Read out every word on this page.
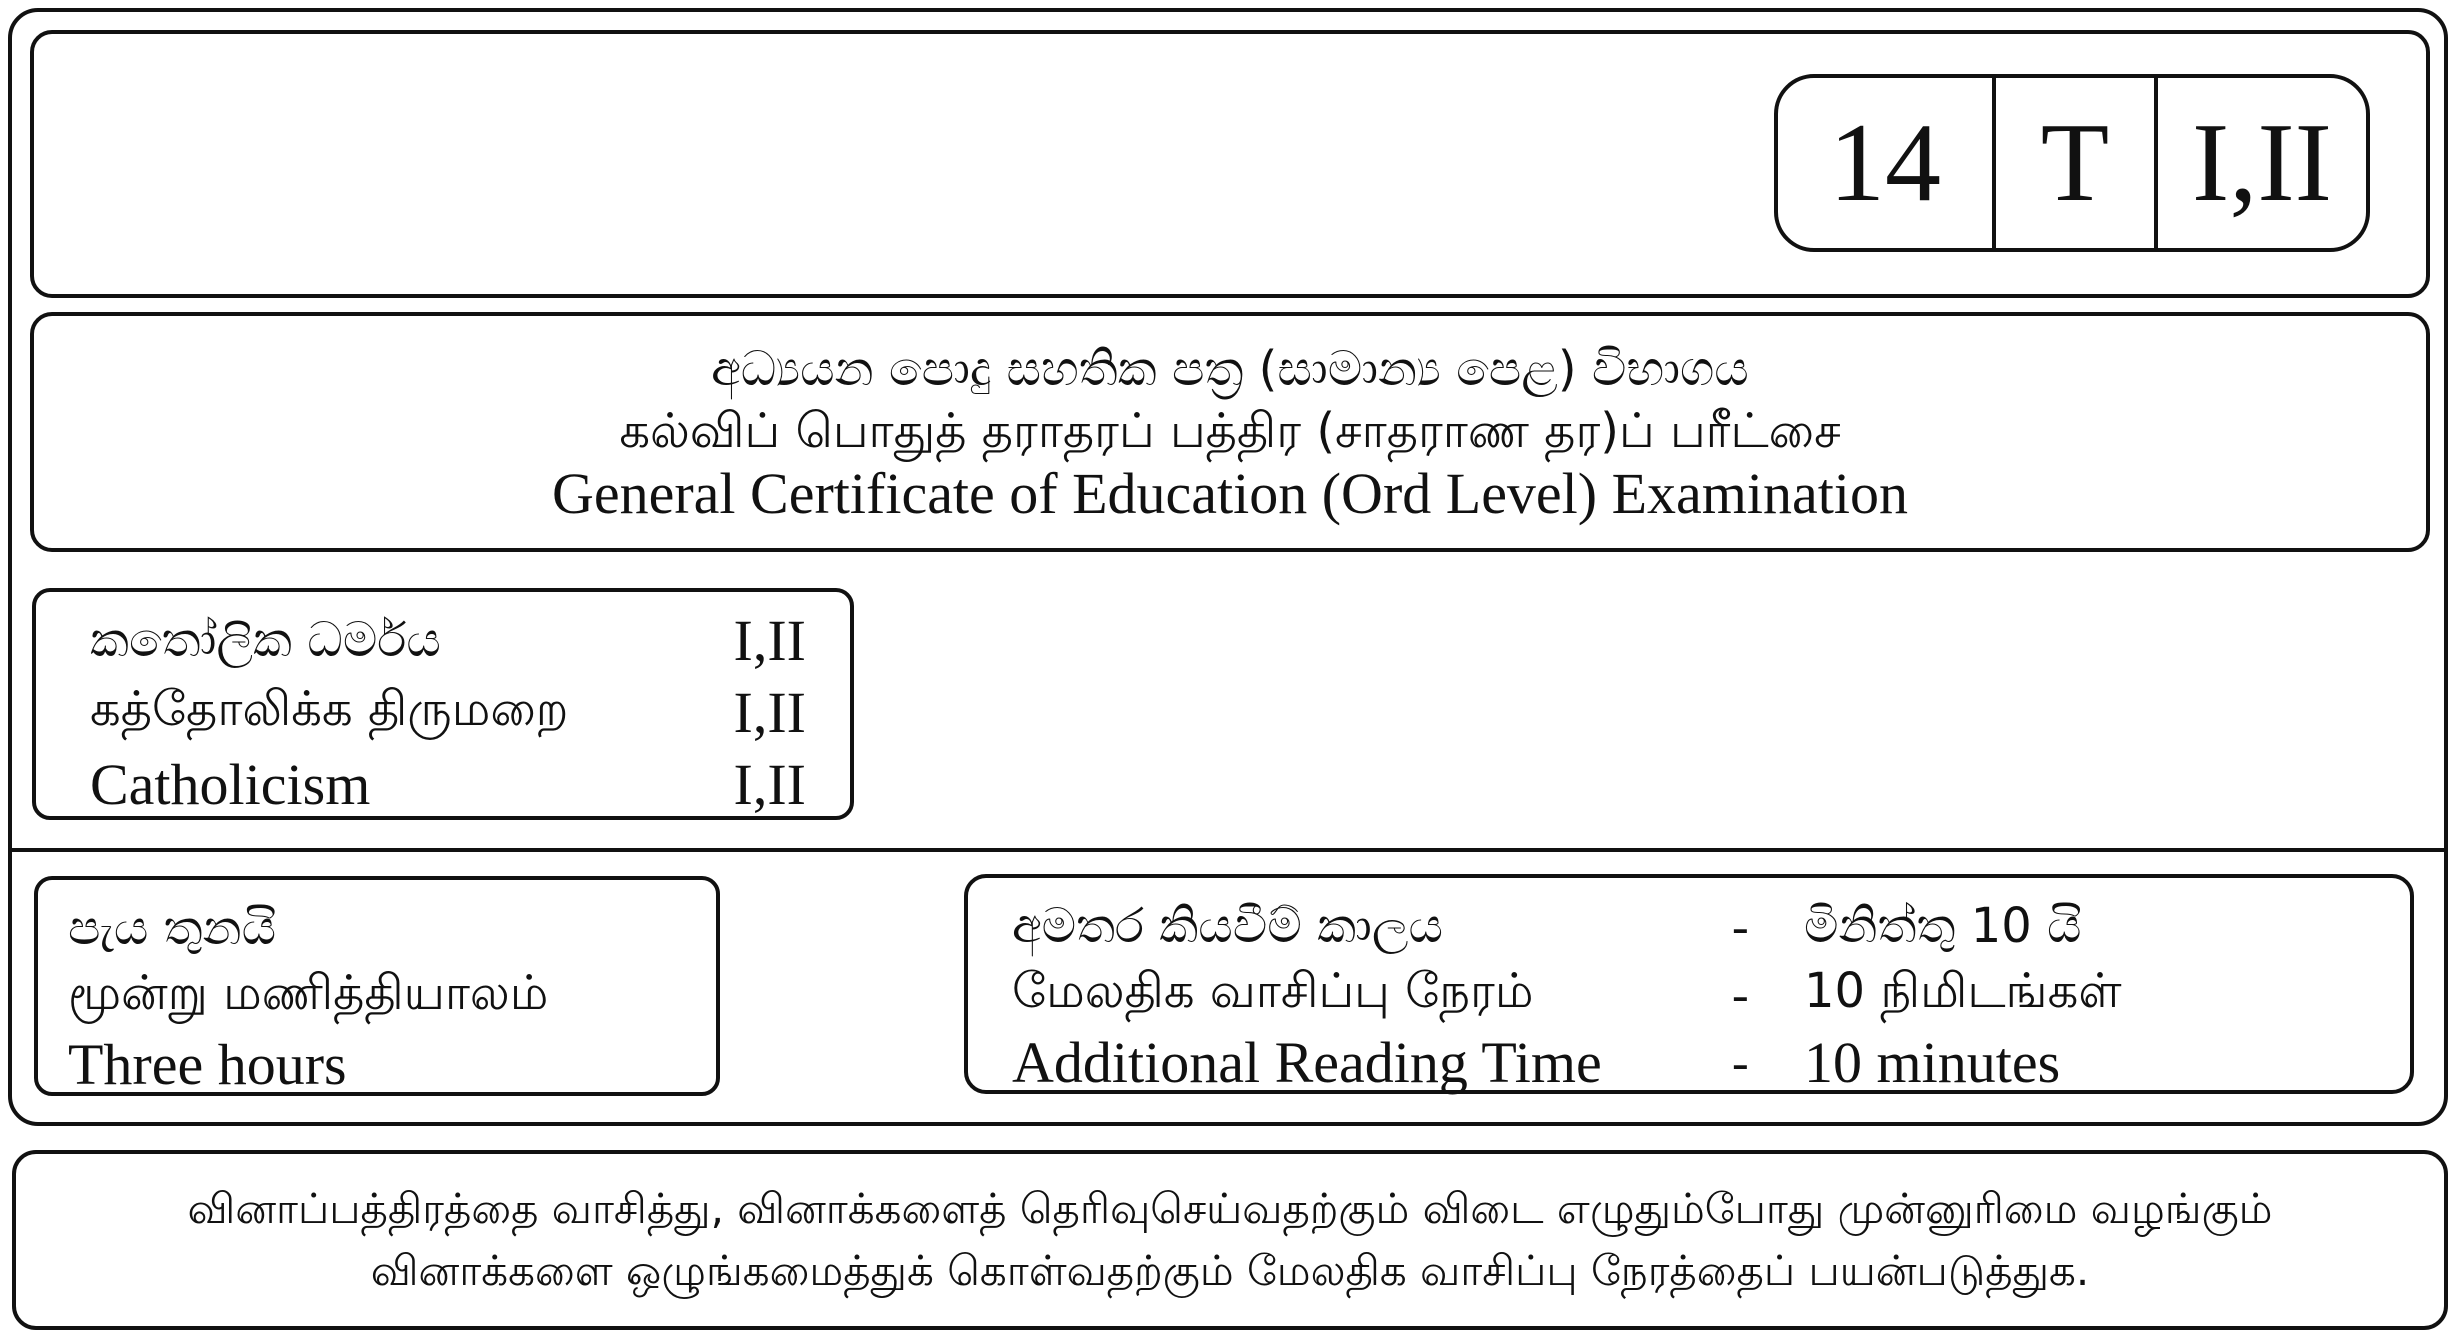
14 T I,II
අධ්‍යයන පොදු සහතික පත්‍ර (සාමාන්‍ය පෙළ) විභාගය
கல்விப் பொதுத் தராதரப் பத்திர (சாதராண தர)ப் பரீட்சை
General Certificate of Education (Ord Level) Examination
කතෝලික ධර්මය	I,II
கத்தோலிக்க திருமறை	I,II
Catholicism	I,II
පැය තුනයි
மூன்று மணித்தியாலம்
Three hours
අමතර කියවීම් කාලය	-	මිනිත්තු 10 යි
மேலதிக வாசிப்பு நேரம்	-	10 நிமிடங்கள்
Additional Reading Time	- 10 minutes
வினாப்பத்திரத்தை வாசித்து, வினாக்களைத் தெரிவுசெய்வதற்கும் விடை எழுதும்போது முன்னுரிமை வழங்கும்
வினாக்களை ஒழுங்கமைத்துக் கொள்வதற்கும் மேலதிக வாசிப்பு நேரத்தைப் பயன்படுத்துக.
